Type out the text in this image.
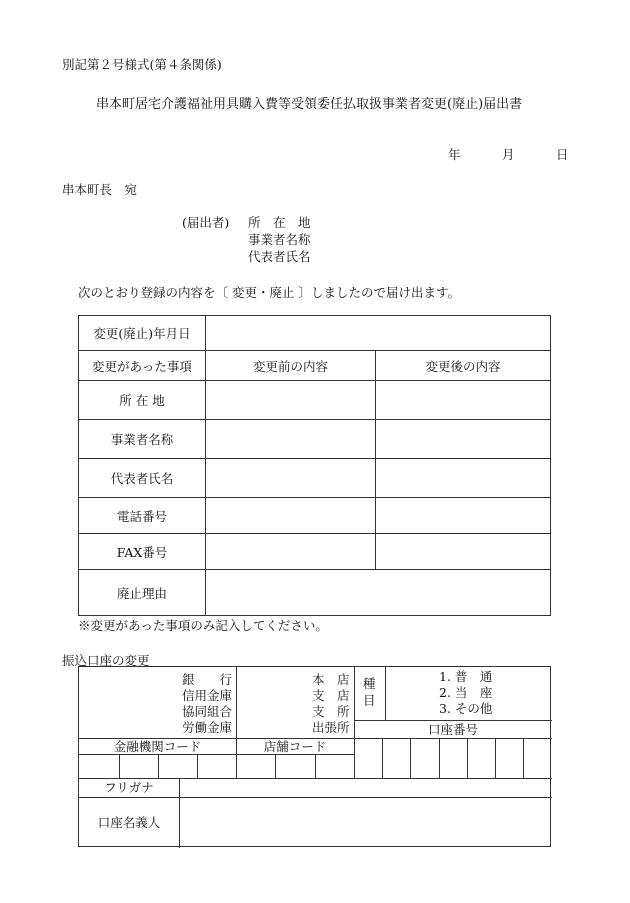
別記第２号様式(第４条関係)
串本町居宅介護福祉用具購入費等受領委任払取扱事業者変更(廃止)届出書
年	月	日
串本町長　宛
(届出者) 所　在　地
事業者名称
代表者氏名
次のとおり登録の内容を〔 変更・廃止 〕しましたので届け出ます。
変更(廃止)年月日		
変更があった事項	変更前の内容	変更後の内容
所 在 地		
事業者名称		
代表者氏名		
電話番号		
FAX番号		
廃止理由		
※変更があった事項のみ記入してください。
振込口座の変更
銀　　行
信用金庫
協同組合
労働金庫
本　店
支　店
支　所
出張所
種目
1. 普　通
2. 当　座
3. その他
口座番号
金融機関コード	店舗コード
フリガナ
口座名義人
